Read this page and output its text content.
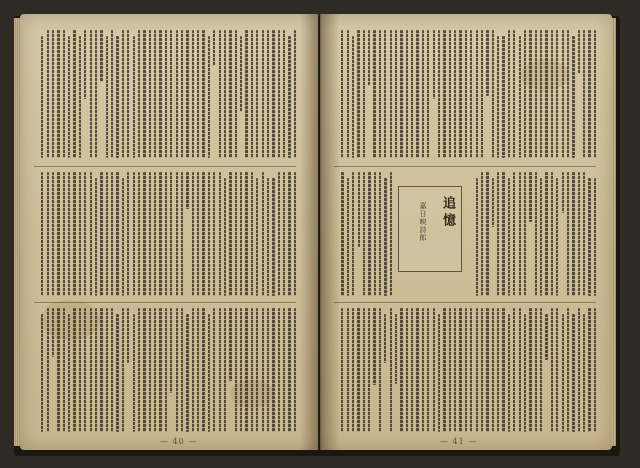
追憶
嘉日映詩郎
— 40 —	— 41 —
